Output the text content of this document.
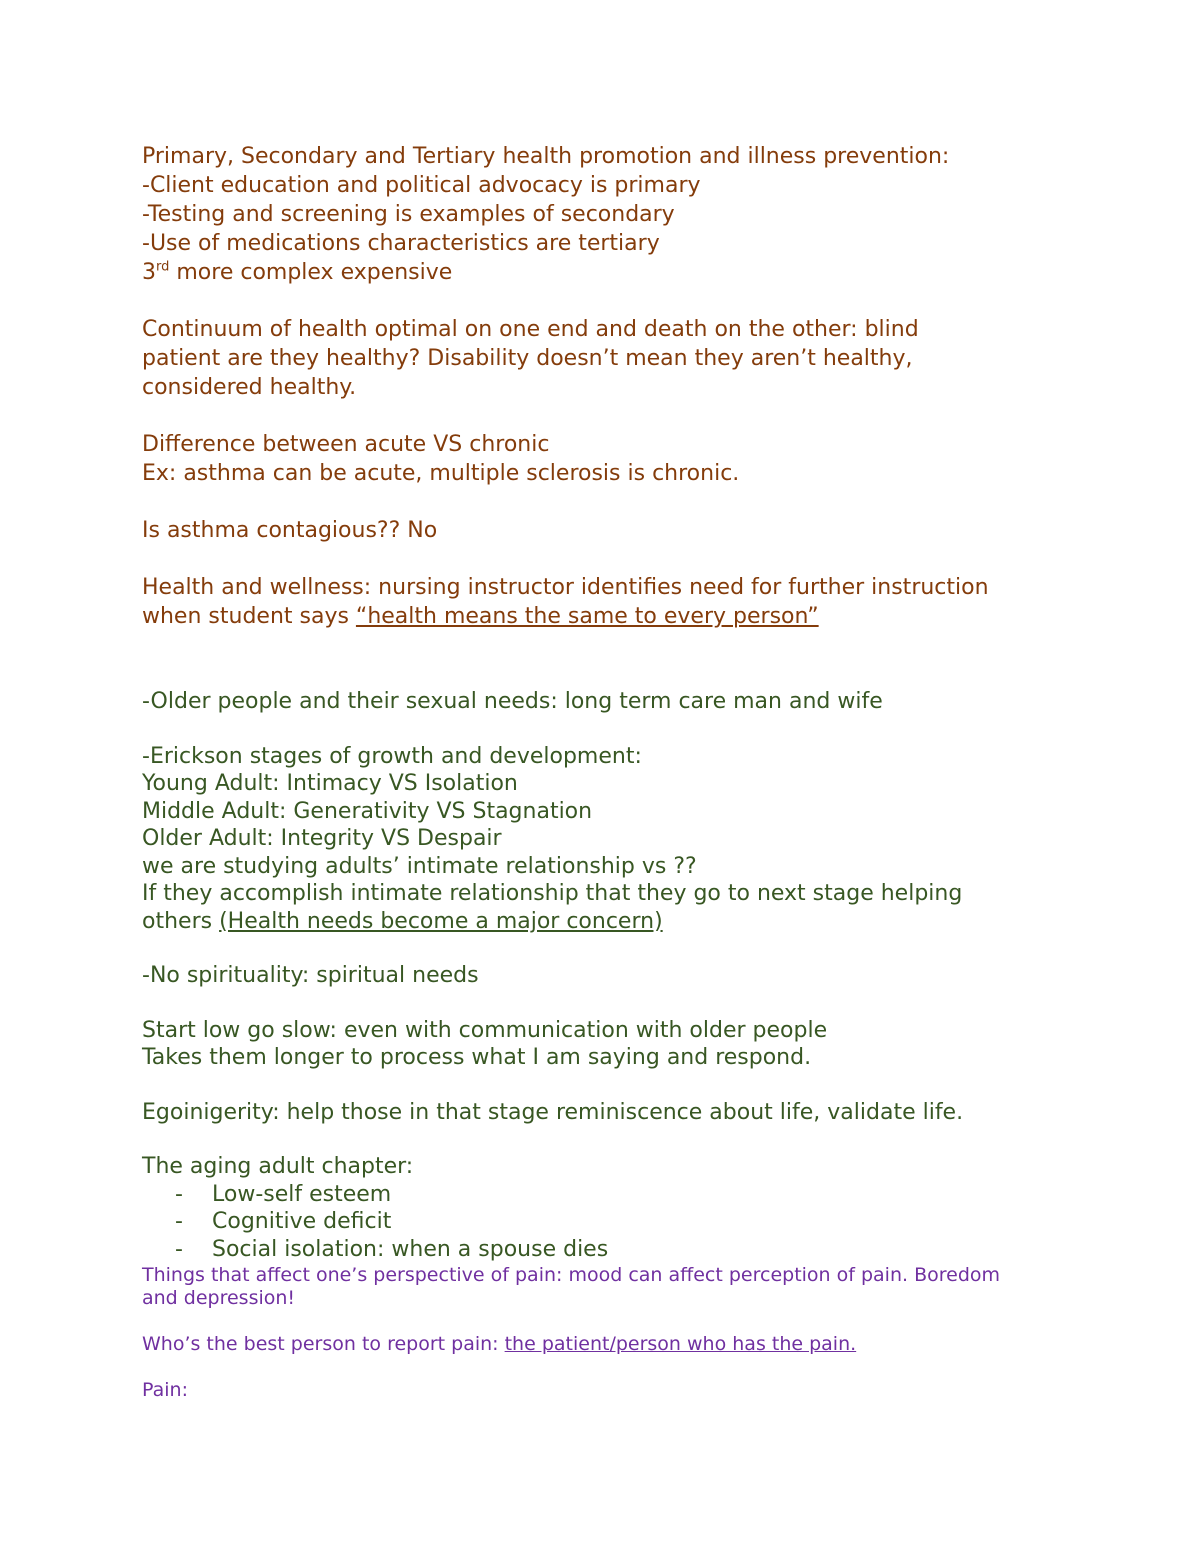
Primary, Secondary and Tertiary health promotion and illness prevention:

-Client education and political advocacy is primary

-Testing and screening is examples of secondary

-Use of medications characteristics are tertiary

3rd more complex expensive

Continuum of health optimal on one end and death on the other: blind

patient are they healthy? Disability doesn’t mean they aren’t healthy,

considered healthy.

Difference between acute VS chronic

Ex: asthma can be acute, multiple sclerosis is chronic.

Is asthma contagious?? No

Health and wellness: nursing instructor identifies need for further instruction

when student says “health means the same to every person”

-Older people and their sexual needs: long term care man and wife

-Erickson stages of growth and development:

Young Adult: Intimacy VS Isolation

Middle Adult: Generativity VS Stagnation

Older Adult: Integrity VS Despair

we are studying adults’ intimate relationship vs ??

If they accomplish intimate relationship that they go to next stage helping

others (Health needs become a major concern)

-No spirituality: spiritual needs

Start low go slow: even with communication with older people

Takes them longer to process what I am saying and respond.

Egoinigerity: help those in that stage reminiscence about life, validate life.

The aging adult chapter:

- Low-self esteem
- Cognitive deficit
- Social isolation: when a spouse dies

Things that affect one’s perspective of pain: mood can affect perception of pain. Boredom

and depression!

Who’s the best person to report pain: the patient/person who has the pain.

Pain:
